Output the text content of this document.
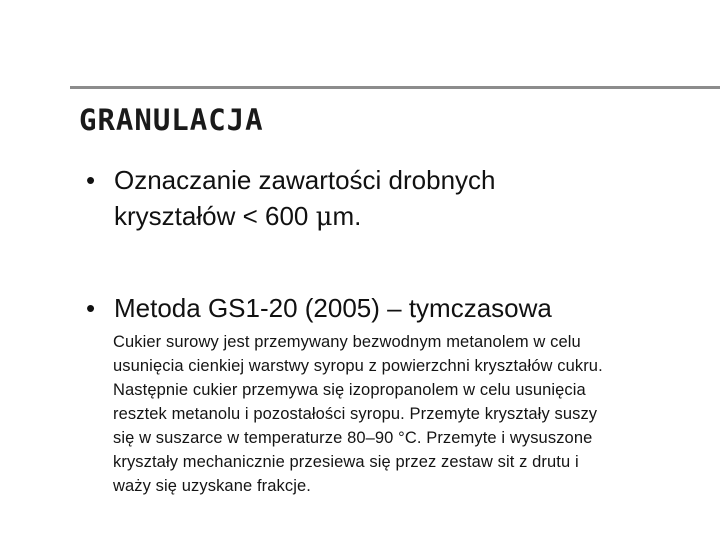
GRANULACJA
• Oznaczanie zawartości drobnych
kryształów < 600 μm.
• Metoda GS1-20 (2005) – tymczasowa
Cukier surowy jest przemywany bezwodnym metanolem w celu
usunięcia cienkiej warstwy syropu z powierzchni kryształów cukru.
Następnie cukier przemywa się izopropanolem w celu usunięcia
resztek metanolu i pozostałości syropu. Przemyte kryształy suszy
się w suszarce w temperaturze 80–90 °C. Przemyte i wysuszone
kryształy mechanicznie przesiewa się przez zestaw sit z drutu i
waży się uzyskane frakcje.
